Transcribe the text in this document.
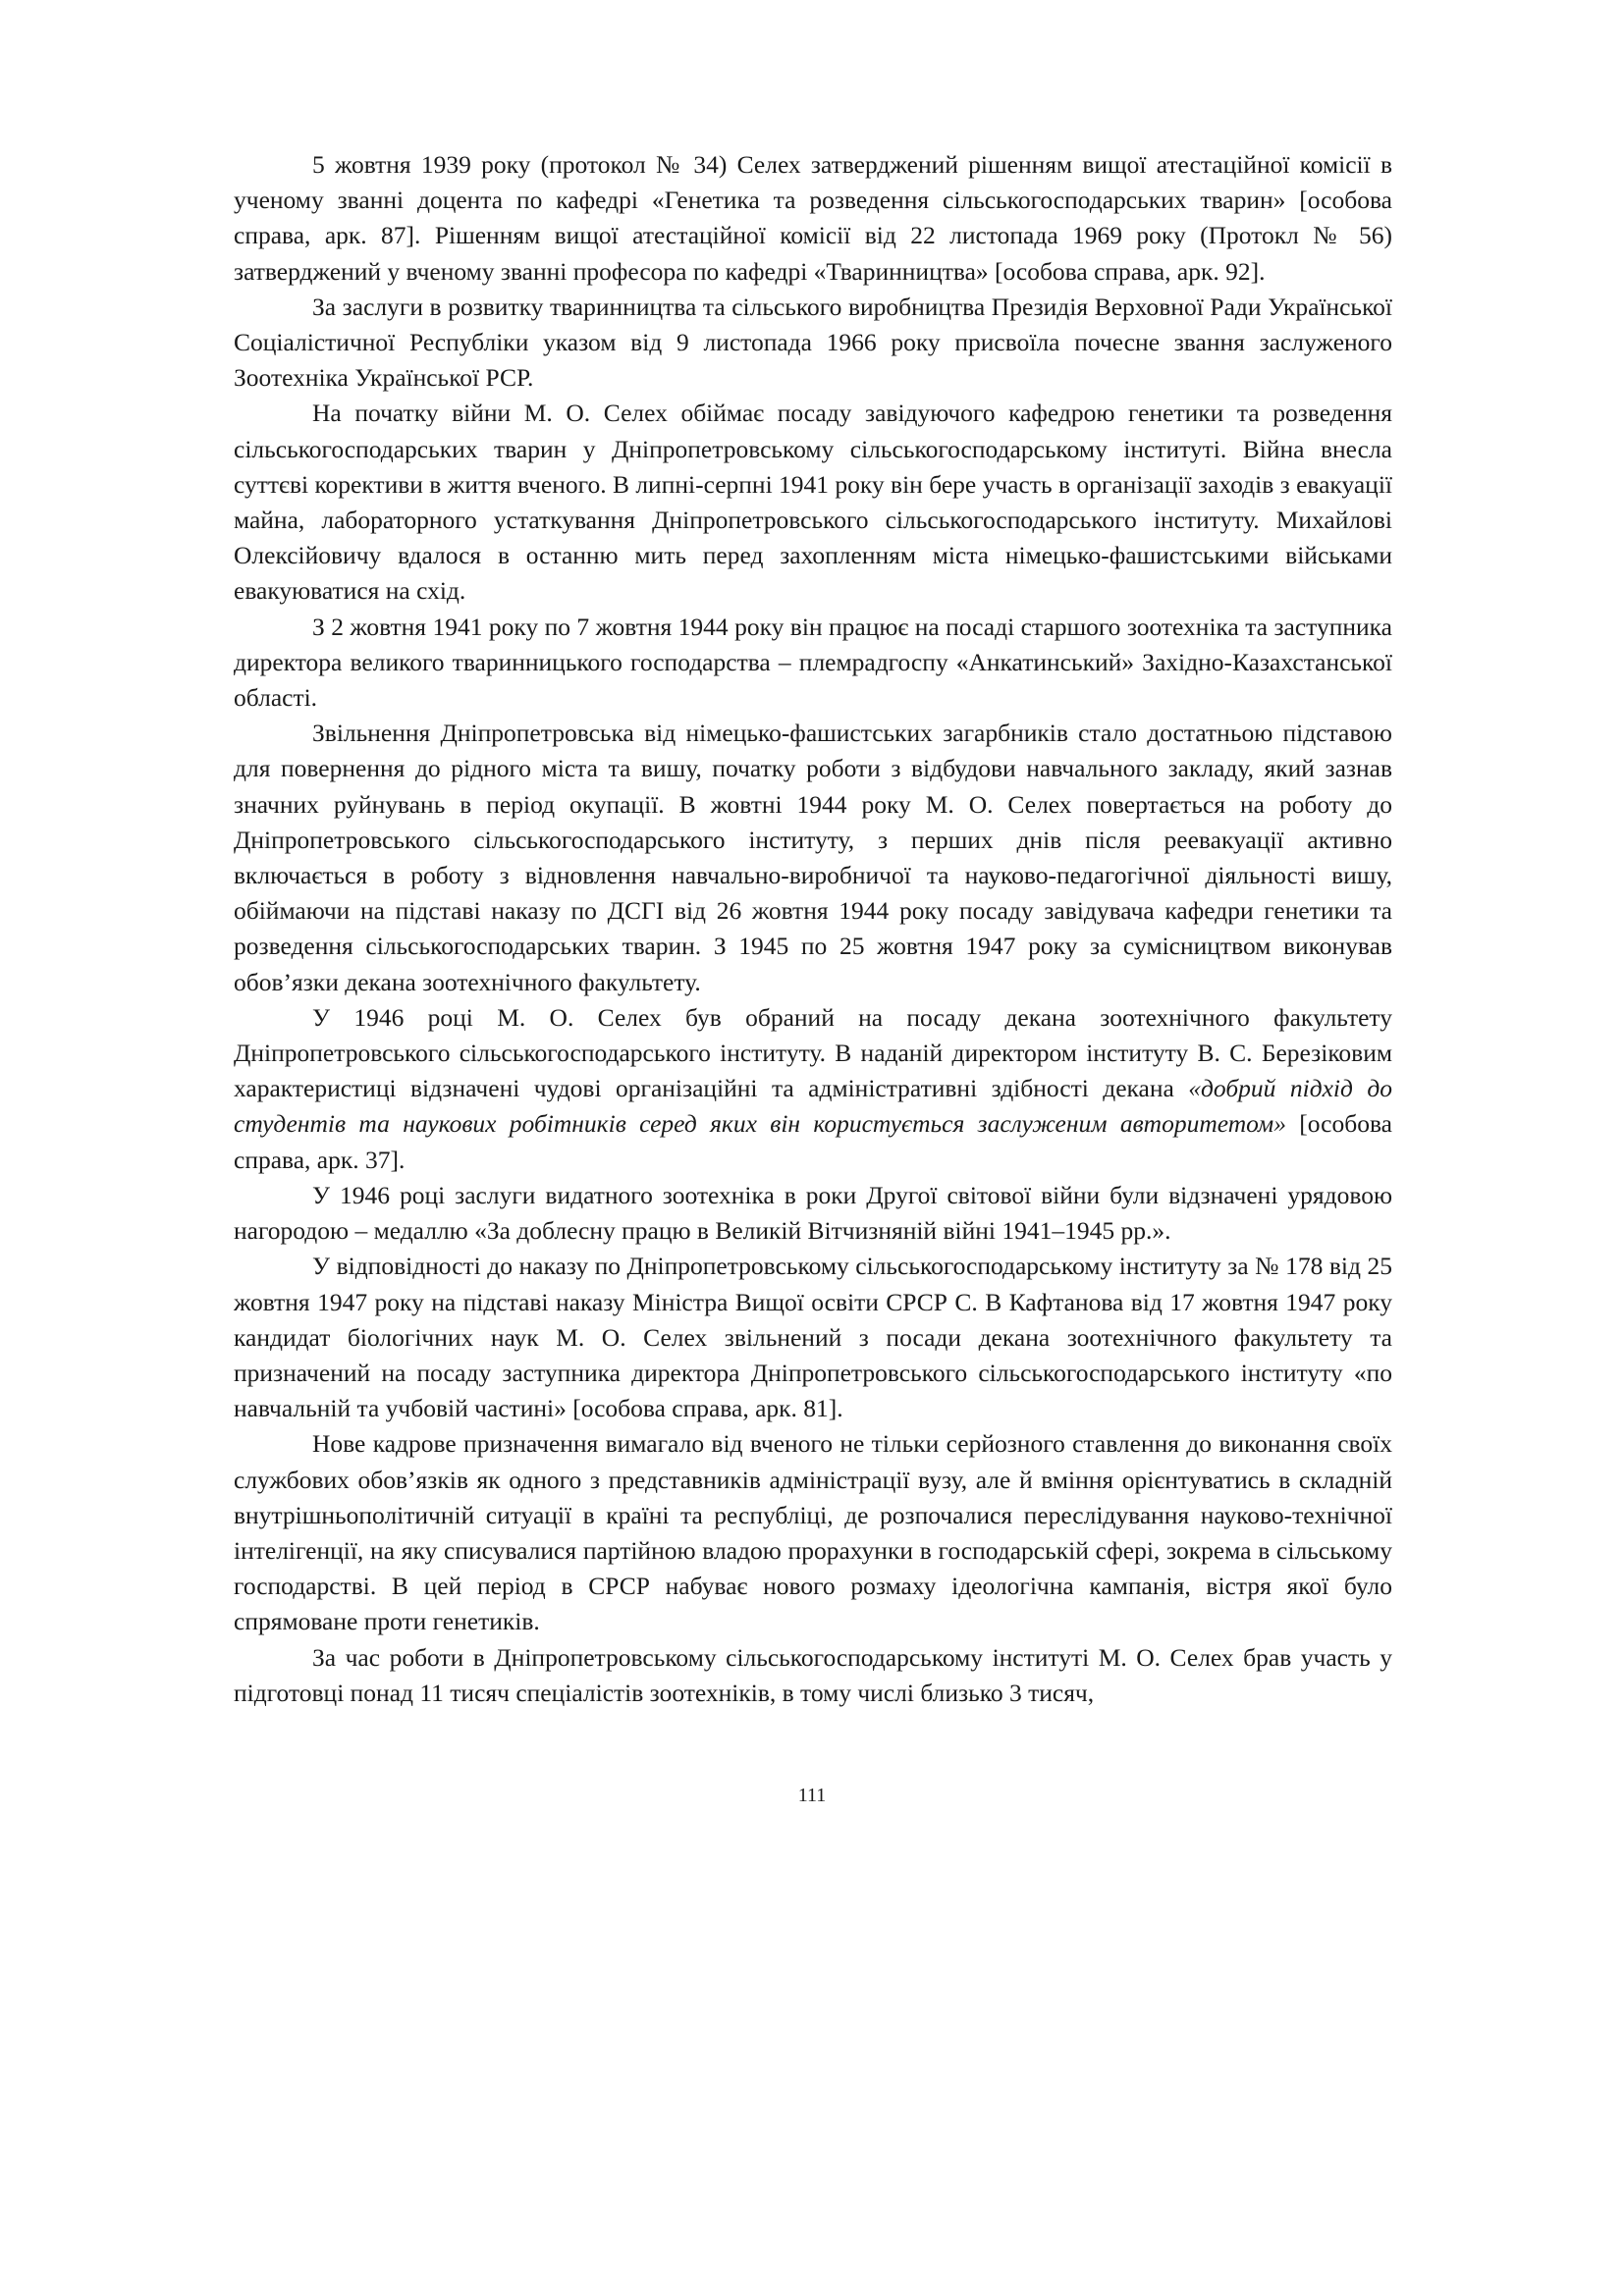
5 жовтня 1939 року (протокол № 34) Селех затверджений рішенням вищої атестаційної комісії в ученому званні доцента по кафедрі «Генетика та розведення сільськогосподарських тварин» [особова справа, арк. 87]. Рішенням вищої атестаційної комісії від 22 листопада 1969 року (Протокл № 56) затверджений у вченому званні професора по кафедрі «Тваринництва» [особова справа, арк. 92].

За заслуги в розвитку тваринництва та сільського виробництва Президія Верховної Ради Української Соціалістичної Республіки указом від 9 листопада 1966 року присвоїла почесне звання заслуженого Зоотехніка Української РСР.

На початку війни М. О. Селех обіймає посаду завідуючого кафедрою генетики та розведення сільськогосподарських тварин у Дніпропетровському сільськогосподарському інституті. Війна внесла суттєві корективи в життя вченого. В липні-серпні 1941 року він бере участь в організації заходів з евакуації майна, лабораторного устаткування Дніпропетровського сільськогосподарського інституту. Михайлові Олексійовичу вдалося в останню мить перед захопленням міста німецько-фашистськими військами евакуюватися на схід.

З 2 жовтня 1941 року по 7 жовтня 1944 року він працює на посаді старшого зоотехніка та заступника директора великого тваринницького господарства – племрадгоспу «Анкатинський» Західно-Казахстанської області.

Звільнення Дніпропетровська від німецько-фашистських загарбників стало достатньою підставою для повернення до рідного міста та вишу, початку роботи з відбудови навчального закладу, який зазнав значних руйнувань в період окупації. В жовтні 1944 року М. О. Селех повертається на роботу до Дніпропетровського сільськогосподарського інституту, з перших днів після реевакуації активно включається в роботу з відновлення навчально-виробничої та науково-педагогічної діяльності вишу, обіймаючи на підставі наказу по ДСГІ від 26 жовтня 1944 року посаду завідувача кафедри генетики та розведення сільськогосподарських тварин. З 1945 по 25 жовтня 1947 року за сумісництвом виконував обов’язки декана зоотехнічного факультету.

У 1946 році М. О. Селех був обраний на посаду декана зоотехнічного факультету Дніпропетровського сільськогосподарського інституту. В наданій директором інституту В. С. Березіковим характеристиці відзначені чудові організаційні та адміністративні здібності декана «добрий підхід до студентів та наукових робітників серед яких він користується заслуженим авторитетом» [особова справа, арк. 37].

У 1946 році заслуги видатного зоотехніка в роки Другої світової війни були відзначені урядовою нагородою – медаллю «За доблесну працю в Великій Вітчизняній війні 1941–1945 рр.».

У відповідності до наказу по Дніпропетровському сільськогосподарському інституту за № 178 від 25 жовтня 1947 року на підставі наказу Міністра Вищої освіти СРСР С. В Кафтанова від 17 жовтня 1947 року кандидат біологічних наук М. О. Селех звільнений з посади декана зоотехнічного факультету та призначений на посаду заступника директора Дніпропетровського сільськогосподарського інституту «по навчальній та учбовій частині» [особова справа, арк. 81].

Нове кадрове призначення вимагало від вченого не тільки серйозного ставлення до виконання своїх службових обов’язків як одного з представників адміністрації вузу, але й вміння орієнтуватись в складній внутрішньополітичній ситуації в країні та республіці, де розпочалися переслідування науково-технічної інтелігенції, на яку списувалися партійною владою прорахунки в господарській сфері, зокрема в сільському господарстві. В цей період в СРСР набуває нового розмаху ідеологічна кампанія, вістря якої було спрямоване проти генетиків.

За час роботи в Дніпропетровському сільськогосподарському інституті М. О. Селех брав участь у підготовці понад 11 тисяч спеціалістів зоотехніків, в тому числі близько 3 тисяч,

111
